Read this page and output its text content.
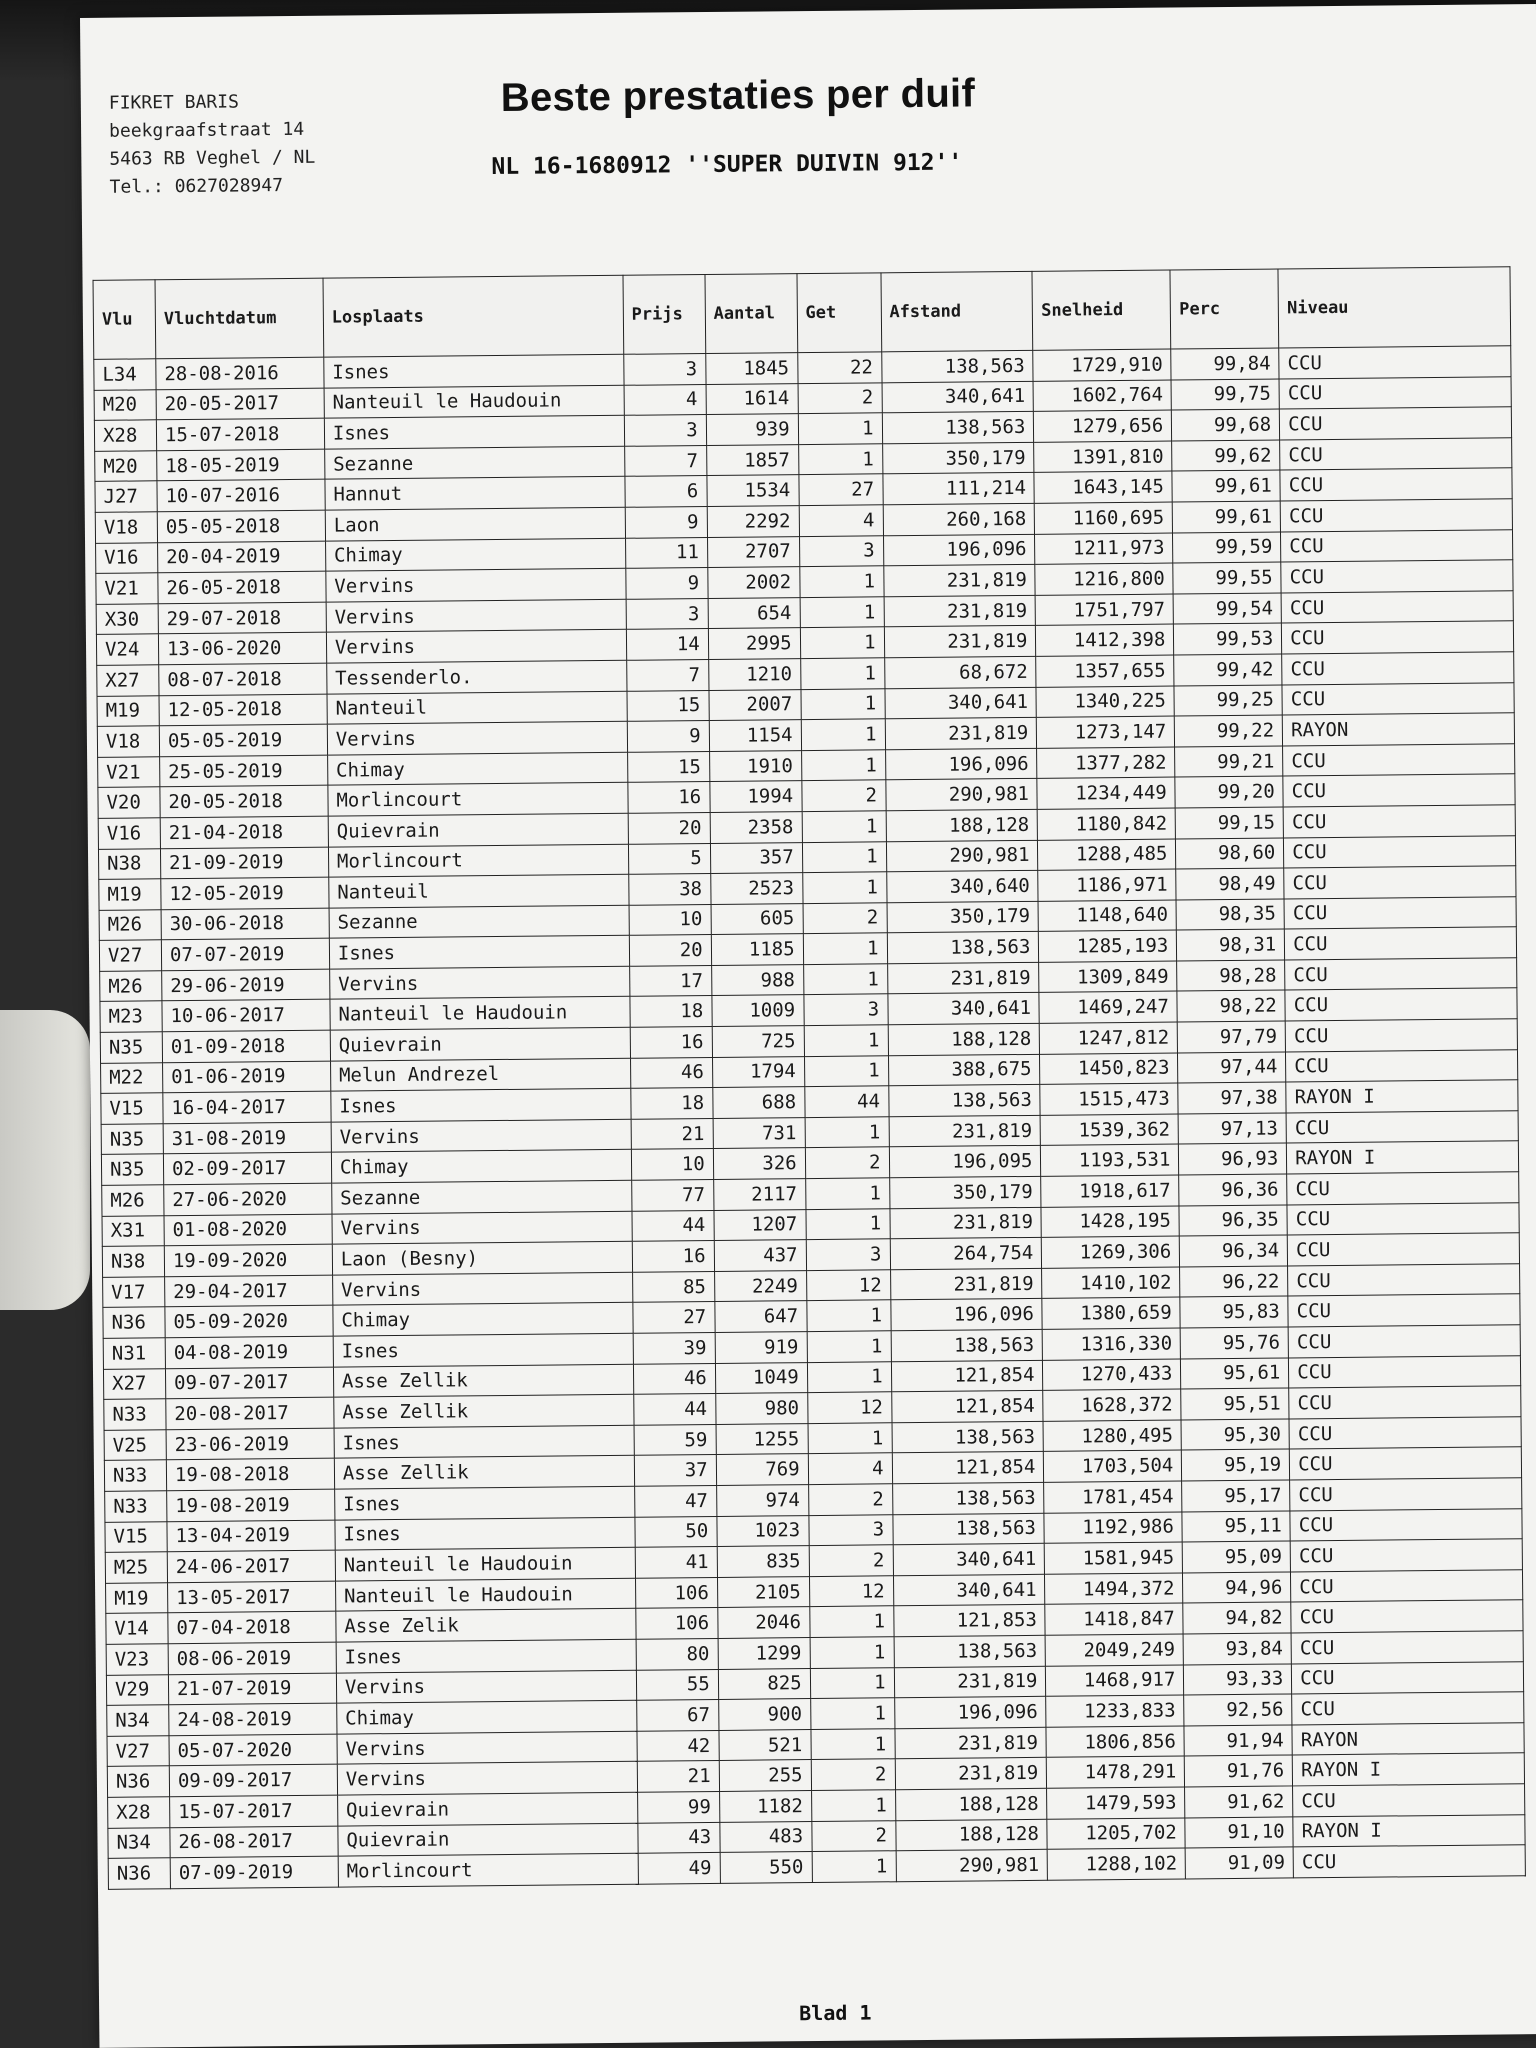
FIKRET BARIS
beekgraafstraat 14
5463 RB Veghel / NL
Tel.: 0627028947
Beste prestaties per duif
NL 16-1680912 ''SUPER DUIVIN 912''
Vlu	Vluchtdatum	Losplaats	Prijs	Aantal	Get	Afstand	Snelheid	Perc	Niveau
L34	28-08-2016	Isnes	3	1845	22	138,563	1729,910	99,84	CCU
M20	20-05-2017	Nanteuil le Haudouin	4	1614	2	340,641	1602,764	99,75	CCU
X28	15-07-2018	Isnes	3	939	1	138,563	1279,656	99,68	CCU
M20	18-05-2019	Sezanne	7	1857	1	350,179	1391,810	99,62	CCU
J27	10-07-2016	Hannut	6	1534	27	111,214	1643,145	99,61	CCU
V18	05-05-2018	Laon	9	2292	4	260,168	1160,695	99,61	CCU
V16	20-04-2019	Chimay	11	2707	3	196,096	1211,973	99,59	CCU
V21	26-05-2018	Vervins	9	2002	1	231,819	1216,800	99,55	CCU
X30	29-07-2018	Vervins	3	654	1	231,819	1751,797	99,54	CCU
V24	13-06-2020	Vervins	14	2995	1	231,819	1412,398	99,53	CCU
X27	08-07-2018	Tessenderlo.	7	1210	1	68,672	1357,655	99,42	CCU
M19	12-05-2018	Nanteuil	15	2007	1	340,641	1340,225	99,25	CCU
V18	05-05-2019	Vervins	9	1154	1	231,819	1273,147	99,22	RAYON
V21	25-05-2019	Chimay	15	1910	1	196,096	1377,282	99,21	CCU
V20	20-05-2018	Morlincourt	16	1994	2	290,981	1234,449	99,20	CCU
V16	21-04-2018	Quievrain	20	2358	1	188,128	1180,842	99,15	CCU
N38	21-09-2019	Morlincourt	5	357	1	290,981	1288,485	98,60	CCU
M19	12-05-2019	Nanteuil	38	2523	1	340,640	1186,971	98,49	CCU
M26	30-06-2018	Sezanne	10	605	2	350,179	1148,640	98,35	CCU
V27	07-07-2019	Isnes	20	1185	1	138,563	1285,193	98,31	CCU
M26	29-06-2019	Vervins	17	988	1	231,819	1309,849	98,28	CCU
M23	10-06-2017	Nanteuil le Haudouin	18	1009	3	340,641	1469,247	98,22	CCU
N35	01-09-2018	Quievrain	16	725	1	188,128	1247,812	97,79	CCU
M22	01-06-2019	Melun Andrezel	46	1794	1	388,675	1450,823	97,44	CCU
V15	16-04-2017	Isnes	18	688	44	138,563	1515,473	97,38	RAYON I
N35	31-08-2019	Vervins	21	731	1	231,819	1539,362	97,13	CCU
N35	02-09-2017	Chimay	10	326	2	196,095	1193,531	96,93	RAYON I
M26	27-06-2020	Sezanne	77	2117	1	350,179	1918,617	96,36	CCU
X31	01-08-2020	Vervins	44	1207	1	231,819	1428,195	96,35	CCU
N38	19-09-2020	Laon (Besny)	16	437	3	264,754	1269,306	96,34	CCU
V17	29-04-2017	Vervins	85	2249	12	231,819	1410,102	96,22	CCU
N36	05-09-2020	Chimay	27	647	1	196,096	1380,659	95,83	CCU
N31	04-08-2019	Isnes	39	919	1	138,563	1316,330	95,76	CCU
X27	09-07-2017	Asse Zellik	46	1049	1	121,854	1270,433	95,61	CCU
N33	20-08-2017	Asse Zellik	44	980	12	121,854	1628,372	95,51	CCU
V25	23-06-2019	Isnes	59	1255	1	138,563	1280,495	95,30	CCU
N33	19-08-2018	Asse Zellik	37	769	4	121,854	1703,504	95,19	CCU
N33	19-08-2019	Isnes	47	974	2	138,563	1781,454	95,17	CCU
V15	13-04-2019	Isnes	50	1023	3	138,563	1192,986	95,11	CCU
M25	24-06-2017	Nanteuil le Haudouin	41	835	2	340,641	1581,945	95,09	CCU
M19	13-05-2017	Nanteuil le Haudouin	106	2105	12	340,641	1494,372	94,96	CCU
V14	07-04-2018	Asse Zelik	106	2046	1	121,853	1418,847	94,82	CCU
V23	08-06-2019	Isnes	80	1299	1	138,563	2049,249	93,84	CCU
V29	21-07-2019	Vervins	55	825	1	231,819	1468,917	93,33	CCU
N34	24-08-2019	Chimay	67	900	1	196,096	1233,833	92,56	CCU
V27	05-07-2020	Vervins	42	521	1	231,819	1806,856	91,94	RAYON
N36	09-09-2017	Vervins	21	255	2	231,819	1478,291	91,76	RAYON I
X28	15-07-2017	Quievrain	99	1182	1	188,128	1479,593	91,62	CCU
N34	26-08-2017	Quievrain	43	483	2	188,128	1205,702	91,10	RAYON I
N36	07-09-2019	Morlincourt	49	550	1	290,981	1288,102	91,09	CCU
Blad 1
